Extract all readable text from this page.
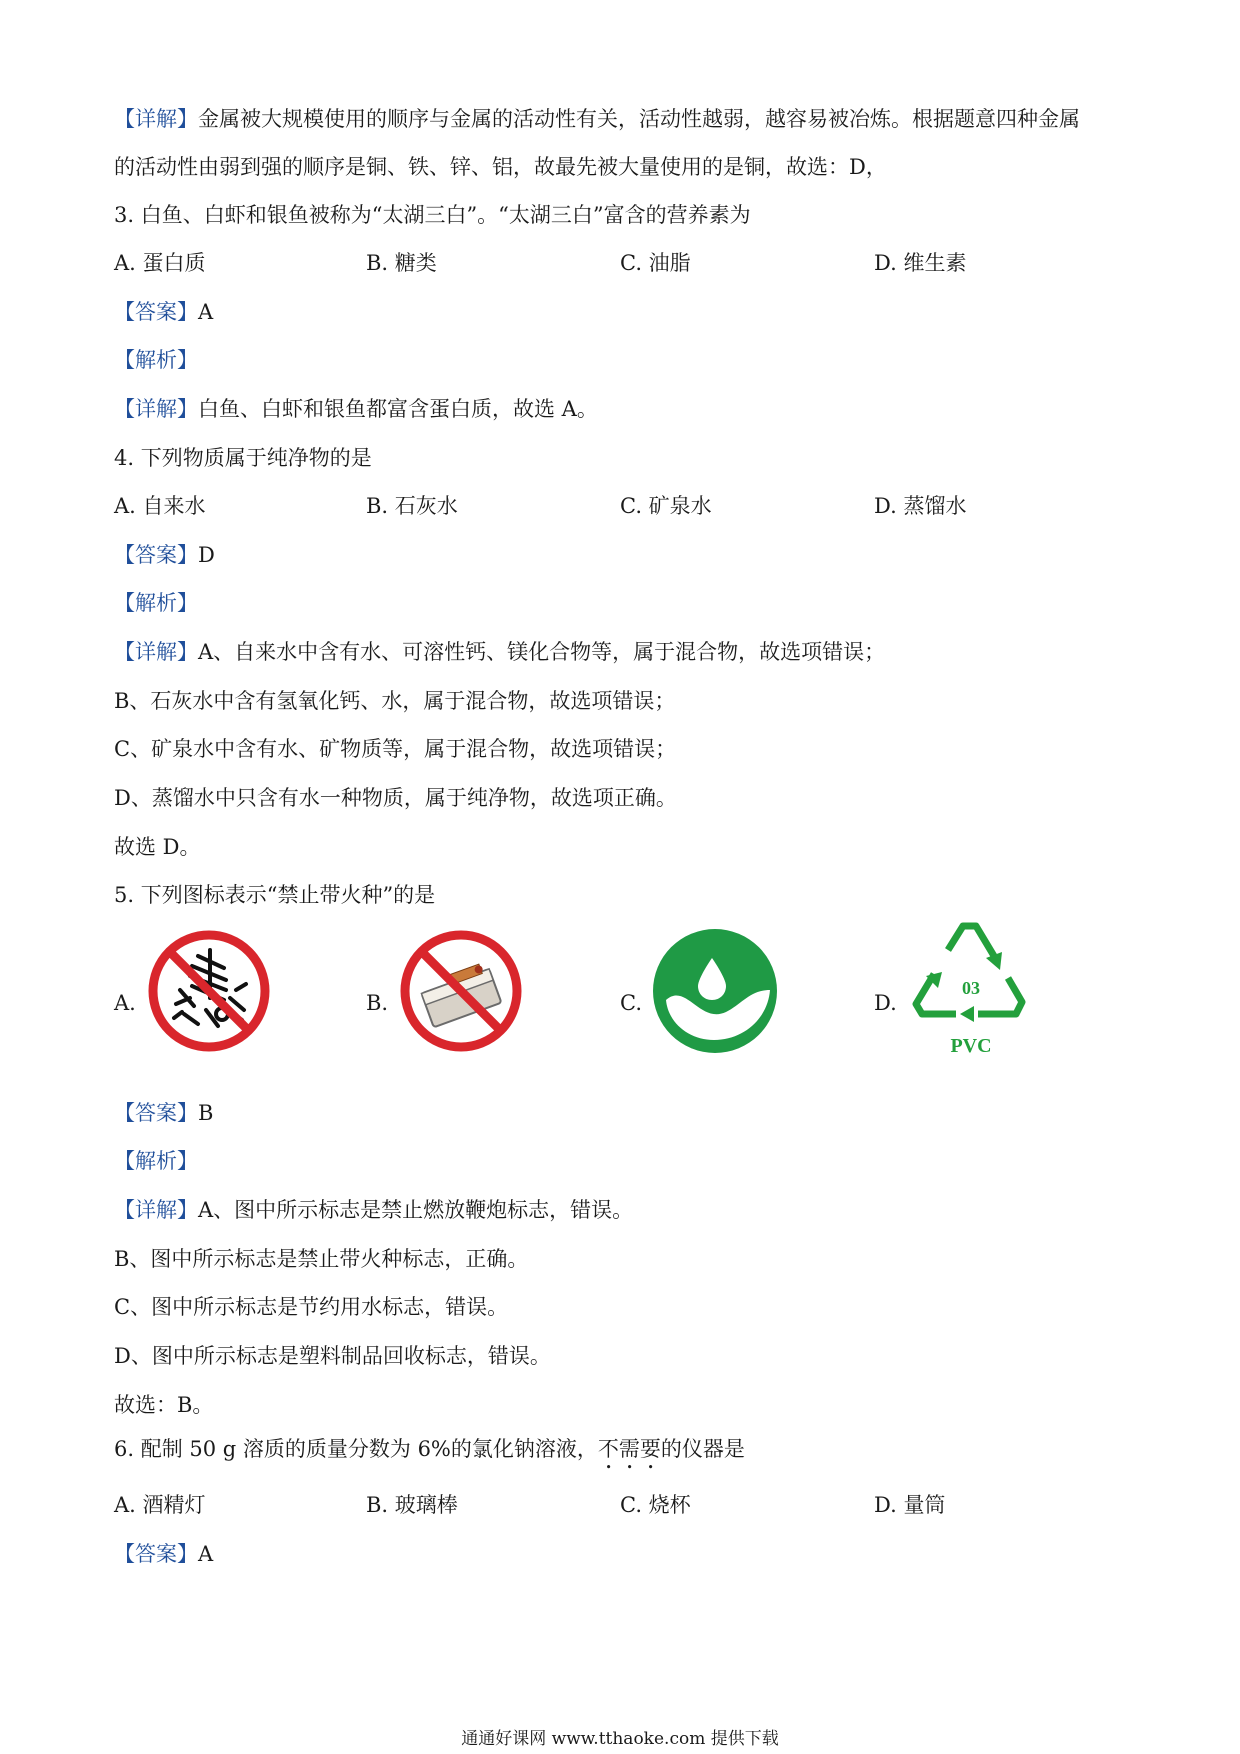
【详解】金属被大规模使用的顺序与金属的活动性有关，活动性越弱，越容易被冶炼。根据题意四种金属
的活动性由弱到强的顺序是铜、铁、锌、铝，故最先被大量使用的是铜，故选：D，
3. 白鱼、白虾和银鱼被称为“太湖三白”。“太湖三白”富含的营养素为
A. 蛋白质	B. 糖类	C. 油脂	D. 维生素
【答案】A
【解析】
【详解】白鱼、白虾和银鱼都富含蛋白质，故选 A。
4. 下列物质属于纯净物的是
A. 自来水	B. 石灰水	C. 矿泉水	D. 蒸馏水
【答案】D
【解析】
【详解】A、自来水中含有水、可溶性钙、镁化合物等，属于混合物，故选项错误；
B、石灰水中含有氢氧化钙、水，属于混合物，故选项错误；
C、矿泉水中含有水、矿物质等，属于混合物，故选项错误；
D、蒸馏水中只含有水一种物质，属于纯净物，故选项正确。
故选 D。
5. 下列图标表示“禁止带火种”的是
A.	B.	C.	D.
03
PVC
【答案】B
【解析】
【详解】A、图中所示标志是禁止燃放鞭炮标志，错误。
B、图中所示标志是禁止带火种标志，正确。
C、图中所示标志是节约用水标志，错误。
D、图中所示标志是塑料制品回收标志，错误。
故选：B。
6. 配制 50 g 溶质的质量分数为 6%的氯化钠溶液，不需要的仪器是
A. 酒精灯	B. 玻璃棒	C. 烧杯	D. 量筒
【答案】A
通通好课网 www.tthaoke.com 提供下载
